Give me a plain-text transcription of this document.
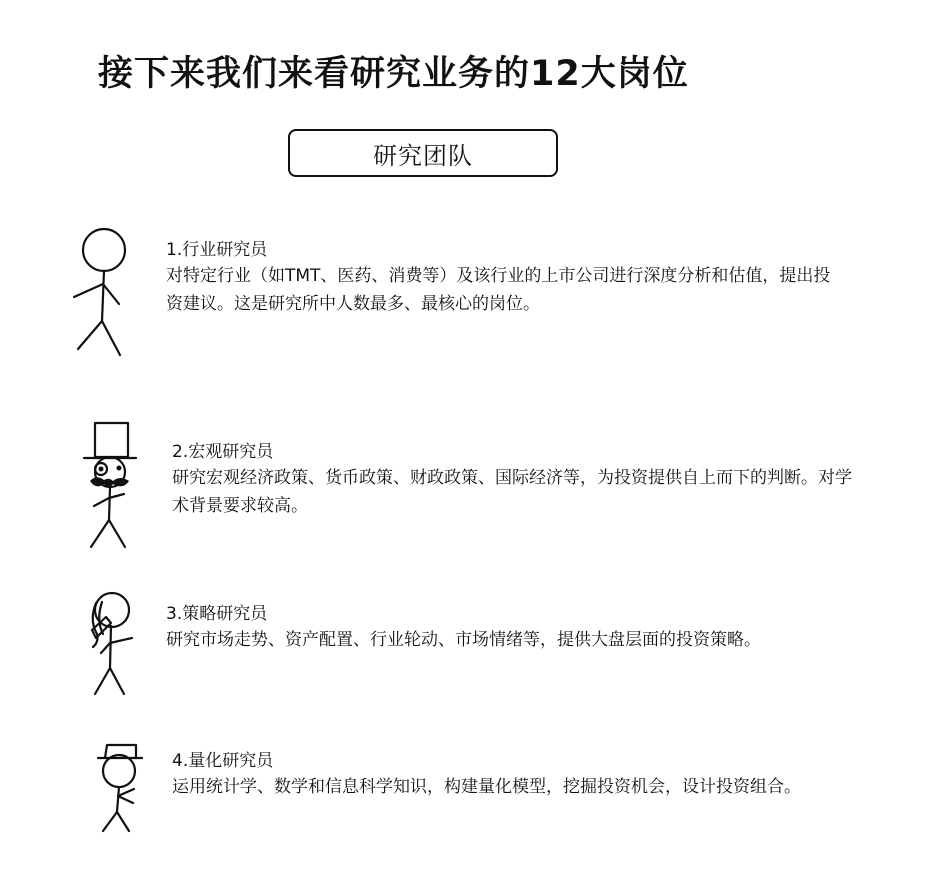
接下来我们来看研究业务的12大岗位
研究团队

1.行业研究员

对特定行业（如TMT、医药、消费等）及该行业的上市公司进行深度分析和估值，提出投资建议。这是研究所中人数最多、最核心的岗位。

2.宏观研究员

研究宏观经济政策、货币政策、财政政策、国际经济等，为投资提供自上而下的判断。对学术背景要求较高。

3.策略研究员

研究市场走势、资产配置、行业轮动、市场情绪等，提供大盘层面的投资策略。

4.量化研究员

运用统计学、数学和信息科学知识，构建量化模型，挖掘投资机会，设计投资组合。
